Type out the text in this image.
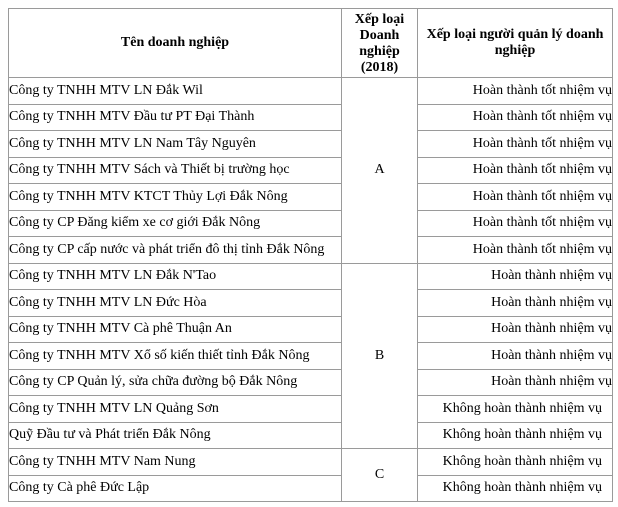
Tên doanh nghiệp	Xếp loại Doanh nghiệp (2018)	Xếp loại người quản lý doanh nghiệp
Công ty TNHH MTV LN Đắk Wil	A	Hoàn thành tốt nhiệm vụ
Công ty TNHH MTV Đầu tư PT Đại Thành		Hoàn thành tốt nhiệm vụ
Công ty TNHH MTV LN Nam Tây Nguyên		Hoàn thành tốt nhiệm vụ
Công ty TNHH MTV Sách và Thiết bị trường học		Hoàn thành tốt nhiệm vụ
Công ty TNHH MTV KTCT Thủy Lợi Đắk Nông		Hoàn thành tốt nhiệm vụ
Công ty CP Đăng kiểm xe cơ giới Đắk Nông		Hoàn thành tốt nhiệm vụ
Công ty CP cấp nước và phát triển đô thị tỉnh Đắk Nông		Hoàn thành tốt nhiệm vụ
Công ty TNHH MTV LN Đắk N'Tao	B	Hoàn thành nhiệm vụ
Công ty TNHH MTV LN Đức Hòa		Hoàn thành nhiệm vụ
Công ty TNHH MTV Cà phê Thuận An		Hoàn thành nhiệm vụ
Công ty TNHH MTV Xổ số kiến thiết tỉnh Đắk Nông		Hoàn thành nhiệm vụ
Công ty CP Quản lý, sửa chữa đường bộ Đắk Nông		Hoàn thành nhiệm vụ
Công ty TNHH MTV LN Quảng Sơn		Không hoàn thành nhiệm vụ
Quỹ Đầu tư và Phát triển Đắk Nông		Không hoàn thành nhiệm vụ
Công ty TNHH MTV Nam Nung	C	Không hoàn thành nhiệm vụ
Công ty Cà phê Đức Lập		Không hoàn thành nhiệm vụ
